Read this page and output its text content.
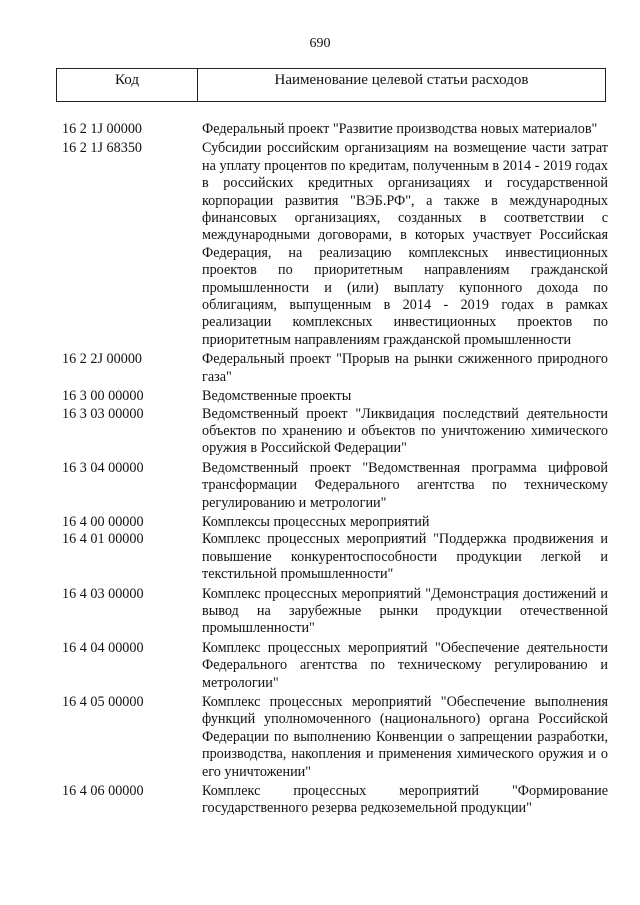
690
Код	Наименование целевой статьи расходов
16 2 1J 00000	Федеральный проект "Развитие производства новых материалов"
16 2 1J 68350	Субсидии российским организациям на возмещение части затрат на уплату процентов по кредитам, полученным в 2014 - 2019 годах в российских кредитных организациях и государственной корпорации развития "ВЭБ.РФ", а также в международных финансовых организациях, созданных в соответствии с международными договорами, в которых участвует Российская Федерация, на реализацию комплексных инвестиционных проектов по приоритетным направлениям гражданской промышленности и (или) выплату купонного дохода по облигациям, выпущенным в 2014 - 2019 годах в рамках реализации комплексных инвестиционных проектов по приоритетным направлениям гражданской промышленности
16 2 2J 00000	Федеральный проект "Прорыв на рынки сжиженного природного газа"
16 3 00 00000	Ведомственные проекты
16 3 03 00000	Ведомственный проект "Ликвидация последствий деятельности объектов по хранению и объектов по уничтожению химического оружия в Российской Федерации"
16 3 04 00000	Ведомственный проект "Ведомственная программа цифровой трансформации Федерального агентства по техническому регулированию и метрологии"
16 4 00 00000	Комплексы процессных мероприятий
16 4 01 00000	Комплекс процессных мероприятий "Поддержка продвижения и повышение конкурентоспособности продукции легкой и текстильной промышленности"
16 4 03 00000	Комплекс процессных мероприятий "Демонстрация достижений и вывод на зарубежные рынки продукции отечественной промышленности"
16 4 04 00000	Комплекс процессных мероприятий "Обеспечение деятельности Федерального агентства по техническому регулированию и метрологии"
16 4 05 00000	Комплекс процессных мероприятий "Обеспечение выполнения функций уполномоченного (национального) органа Российской Федерации по выполнению Конвенции о запрещении разработки, производства, накопления и применения химического оружия и о его уничтожении"
16 4 06 00000	Комплекс процессных мероприятий "Формирование государственного резерва редкоземельной продукции"
